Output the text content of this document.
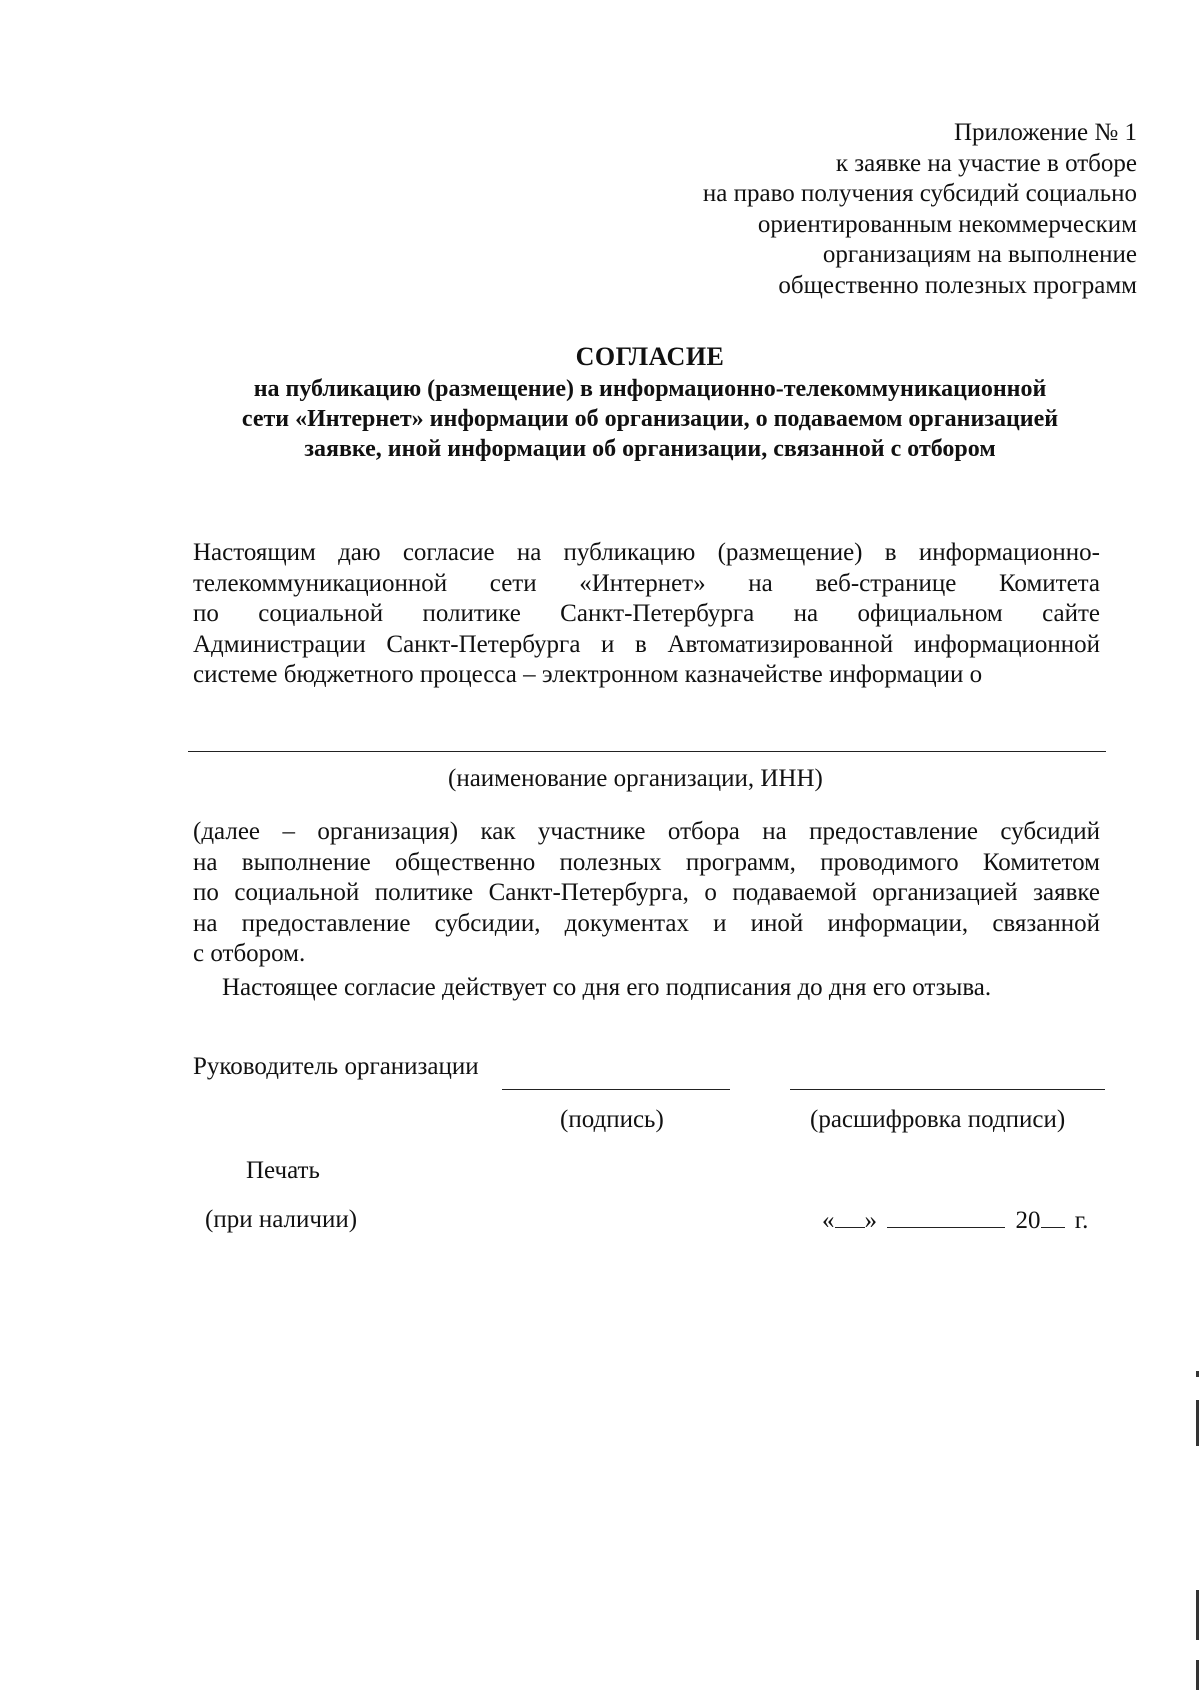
Приложение № 1
к заявке на участие в отборе
на право получения субсидий социально
ориентированным некоммерческим
организациям на выполнение
общественно полезных программ
СОГЛАСИЕ
на публикацию (размещение) в информационно-телекоммуникационной
сети «Интернет» информации об организации, о подаваемом организацией
заявке, иной информации об организации, связанной с отбором
Настоящим даю согласие на публикацию (размещение) в информационно-
телекоммуникационной сети «Интернет» на веб-странице Комитета
по социальной политике Санкт-Петербурга на официальном сайте
Администрации Санкт-Петербурга и в Автоматизированной информационной
системе бюджетного процесса – электронном казначействе информации о
(наименование организации, ИНН)
(далее – организация) как участнике отбора на предоставление субсидий
на выполнение общественно полезных программ, проводимого Комитетом
по социальной политике Санкт-Петербурга, о подаваемой организацией заявке
на предоставление субсидии, документах и иной информации, связанной
с отбором.
Настоящее согласие действует со дня его подписания до дня его отзыва.
Руководитель организации
(подпись)	(расшифровка подписи)
Печать
(при наличии)	« »	20 г.
